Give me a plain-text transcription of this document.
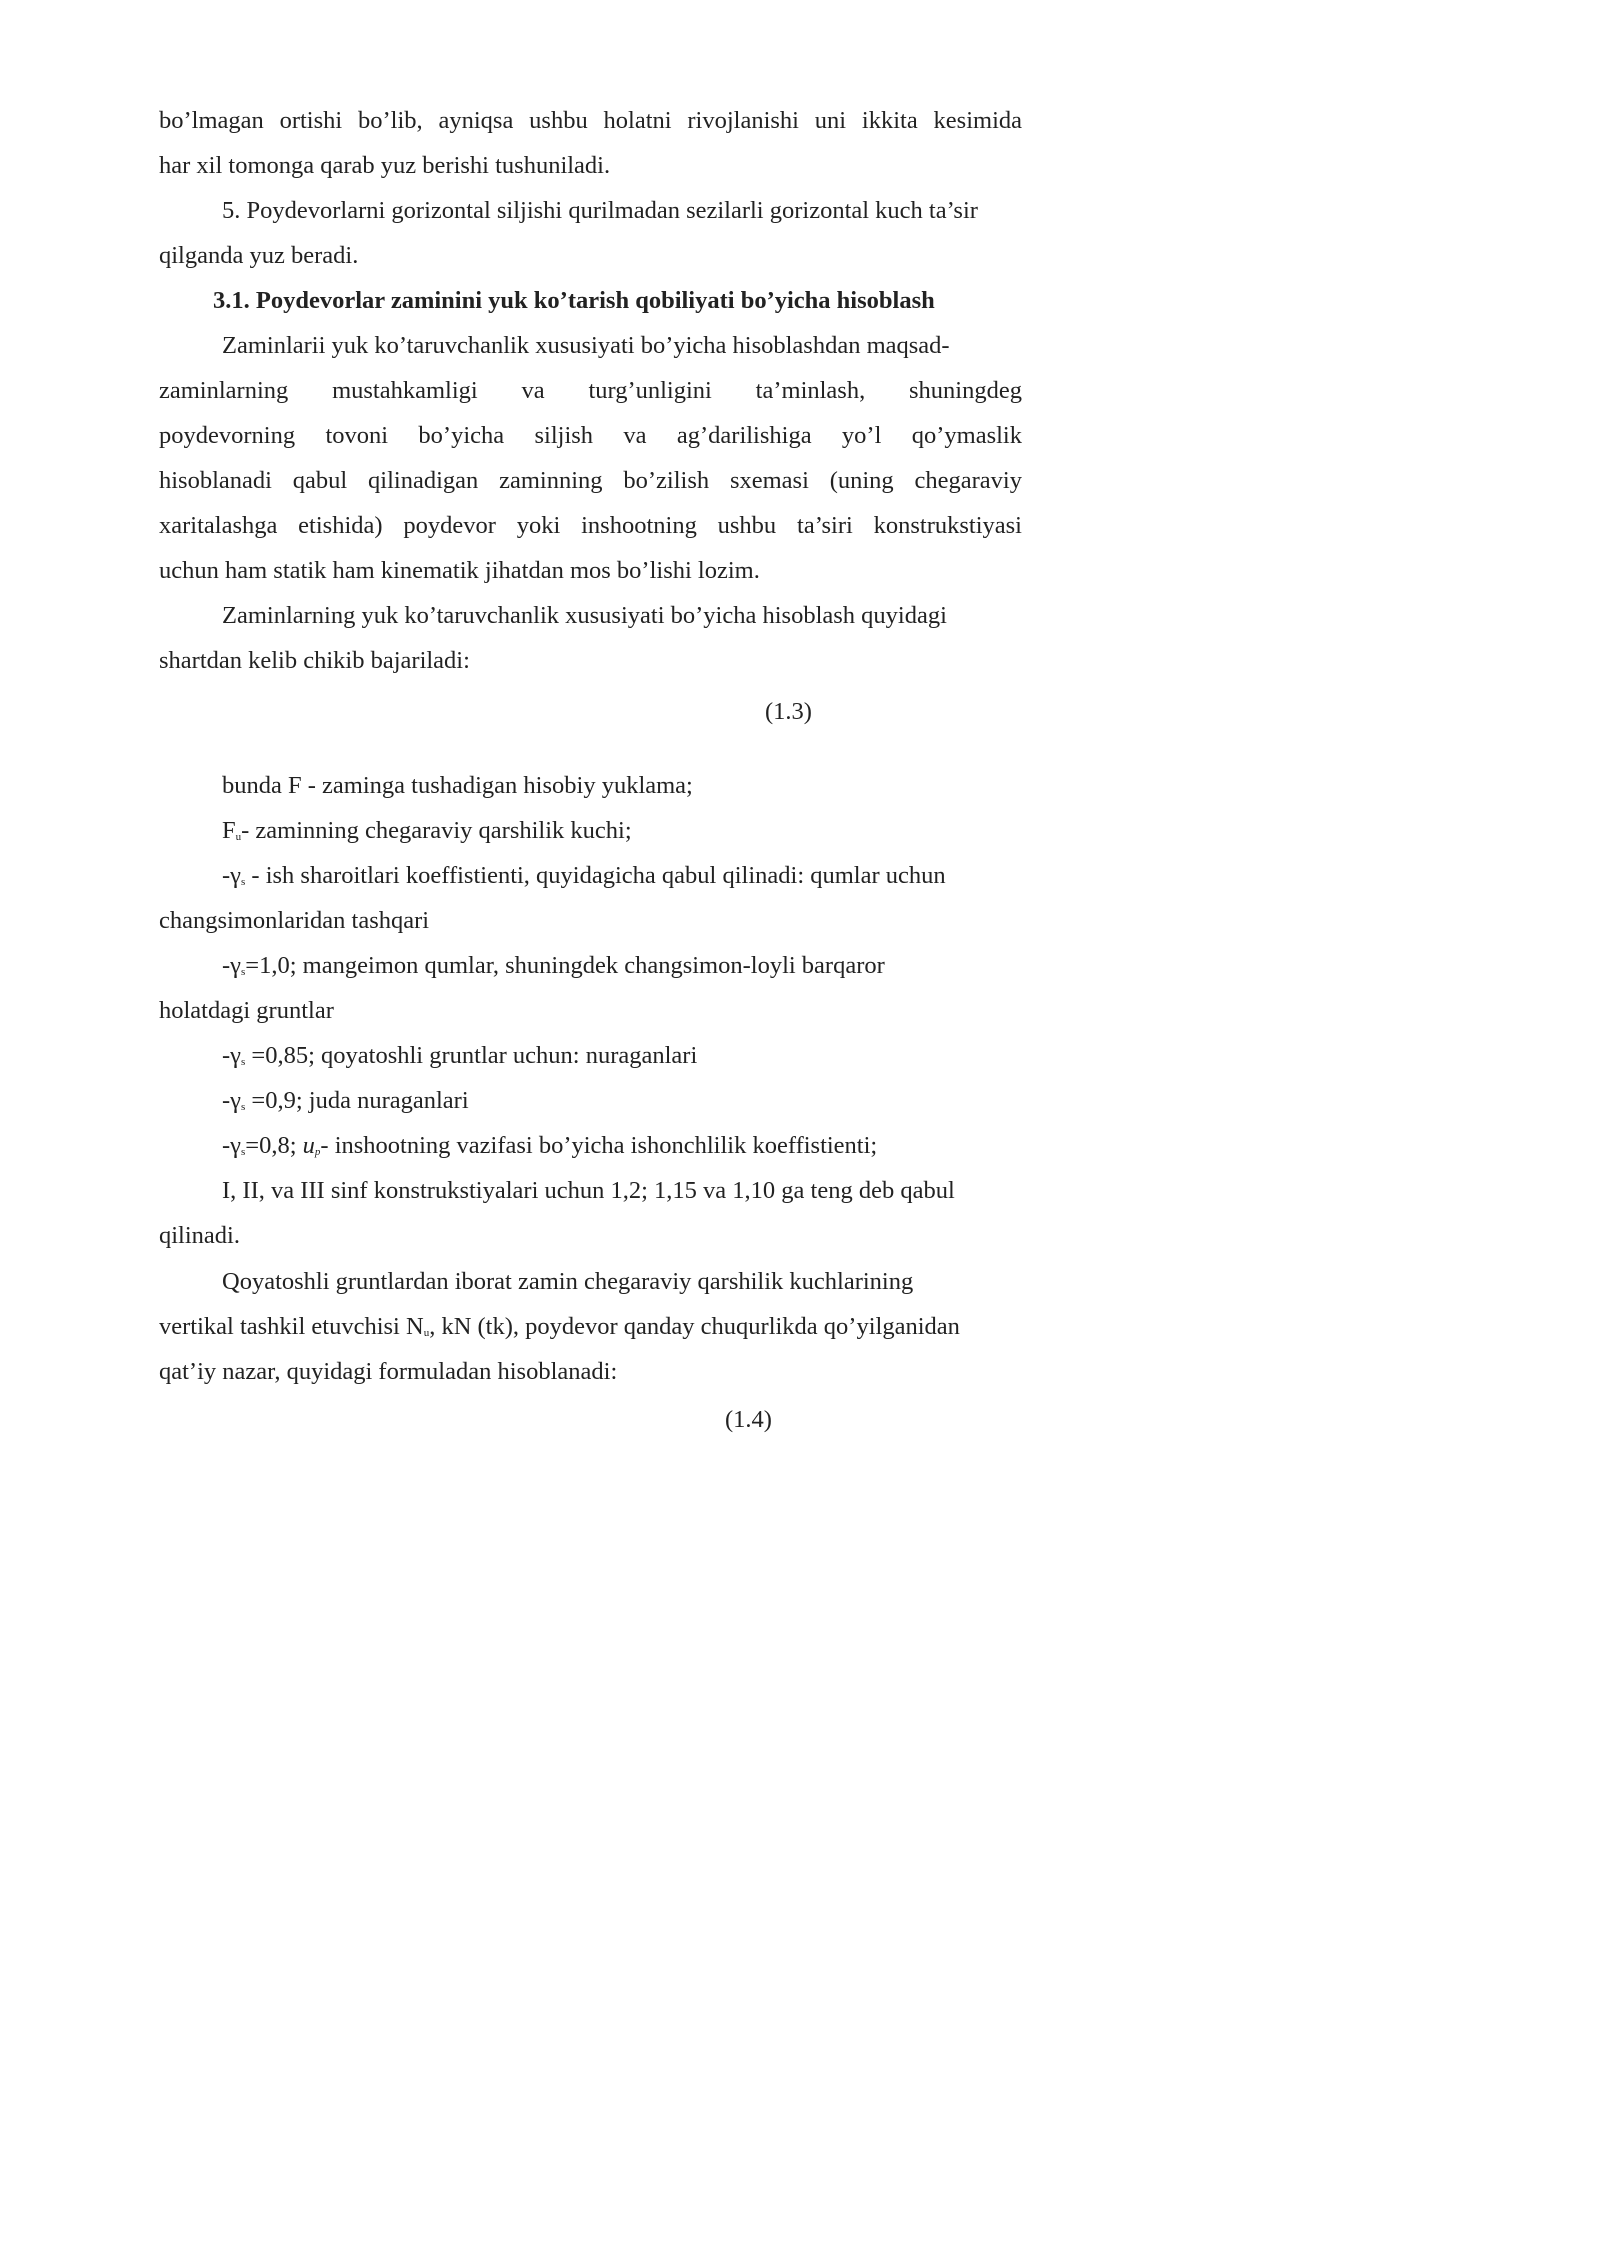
bo’lmagan ortishi bo’lib, ayniqsa ushbu holatni rivojlanishi uni ikkita kesimida
har xil tomonga qarab yuz berishi tushuniladi.
5. Poydevorlarni gorizontal siljishi qurilmadan sezilarli gorizontal kuch ta’sir
qilganda yuz beradi.
3.1. Poydevorlar zaminini yuk ko’tarish qobiliyati bo’yicha hisoblash
Zaminlarii yuk ko’taruvchanlik xususiyati bo’yicha hisoblashdan maqsad-
zaminlarning mustahkamligi va turg’unligini ta’minlash, shuningdeg
poydevorning tovoni bo’yicha siljish va ag’darilishiga yo’l qo’ymaslik
hisoblanadi qabul qilinadigan zaminning bo’zilish sxemasi (uning chegaraviy
xaritalashga etishida) poydevor yoki inshootning ushbu ta’siri konstrukstiyasi
uchun ham statik ham kinematik jihatdan mos bo’lishi lozim.
Zaminlarning yuk ko’taruvchanlik xususiyati bo’yicha hisoblash quyidagi
shartdan kelib chikib bajariladi:
(1.3)
bunda F - zaminga tushadigan hisobiy yuklama;
$F_u-$ zaminning chegaraviy qarshilik kuchi;
$-\gamma_s$ - ish sharoitlari koeffistienti, quyidagicha qabul qilinadi: qumlar uchun
changsimonlaridan tashqari
$-\gamma_s=1,0$; mangeimon qumlar, shuningdek changsimon-loyli barqaror
holatdagi gruntlar
$-\gamma_s =0,85$; qoyatoshli gruntlar uchun: nuraganlari
$-\gamma_s =0,9$; juda nuraganlari
$-\gamma_s=0,8$; $u_p-$ inshootning vazifasi bo’yicha ishonchlilik koeffistienti;
I, II, va III sinf konstrukstiyalari uchun 1,2; 1,15 va 1,10 ga teng deb qabul
qilinadi.
Qoyatoshli gruntlardan iborat zamin chegaraviy qarshilik kuchlarining
vertikal tashkil etuvchisi $N_u$, kN (tk), poydevor qanday chuqurlikda qo’yilganidan
qat’iy nazar, quyidagi formuladan hisoblanadi:
(1.4)
